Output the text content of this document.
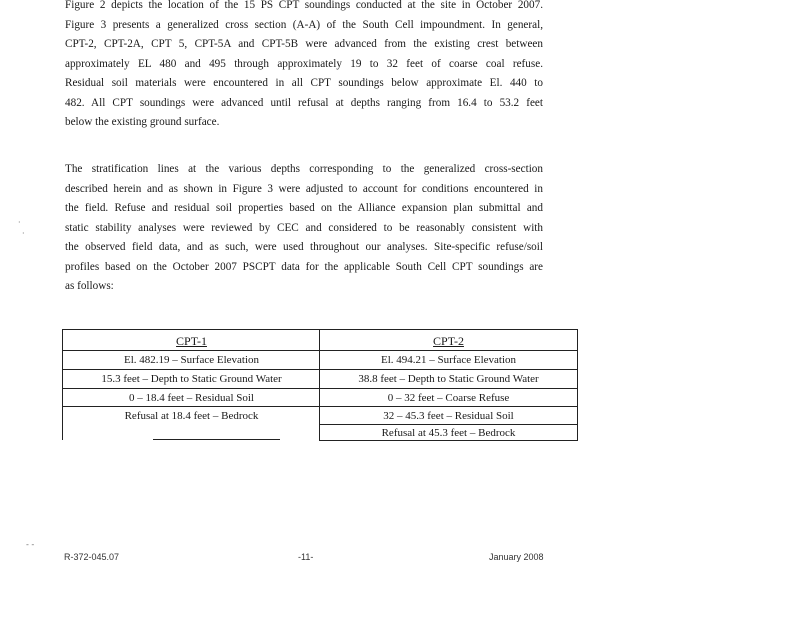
Figure 2 depicts the location of the 15 PS CPT soundings conducted at the site in October 2007.
Figure 3 presents a generalized cross section (A-A) of the South Cell impoundment. In general,
CPT-2, CPT-2A, CPT 5, CPT-5A and CPT-5B were advanced from the existing crest between
approximately EL 480 and 495 through approximately 19 to 32 feet of coarse coal refuse.
Residual soil materials were encountered in all CPT soundings below approximate El. 440 to
482. All CPT soundings were advanced until refusal at depths ranging from 16.4 to 53.2 feet
below the existing ground surface.
The stratification lines at the various depths corresponding to the generalized cross-section
described herein and as shown in Figure 3 were adjusted to account for conditions encountered in
the field. Refuse and residual soil properties based on the Alliance expansion plan submittal and
static stability analyses were reviewed by CEC and considered to be reasonably consistent with
the observed field data, and as such, were used throughout our analyses. Site-specific refuse/soil
profiles based on the October 2007 PSCPT data for the applicable South Cell CPT soundings are
as follows:
·
·
- -
CPT-1
El. 482.19 – Surface Elevation
15.3 feet – Depth to Static Ground Water
0 – 18.4 feet – Residual Soil
Refusal at 18.4 feet – Bedrock
CPT-2
El. 494.21 – Surface Elevation
38.8 feet – Depth to Static Ground Water
0 – 32 feet – Coarse Refuse
32 – 45.3 feet – Residual Soil
Refusal at 45.3 feet – Bedrock
R-372-045.07	-11-	January 2008
